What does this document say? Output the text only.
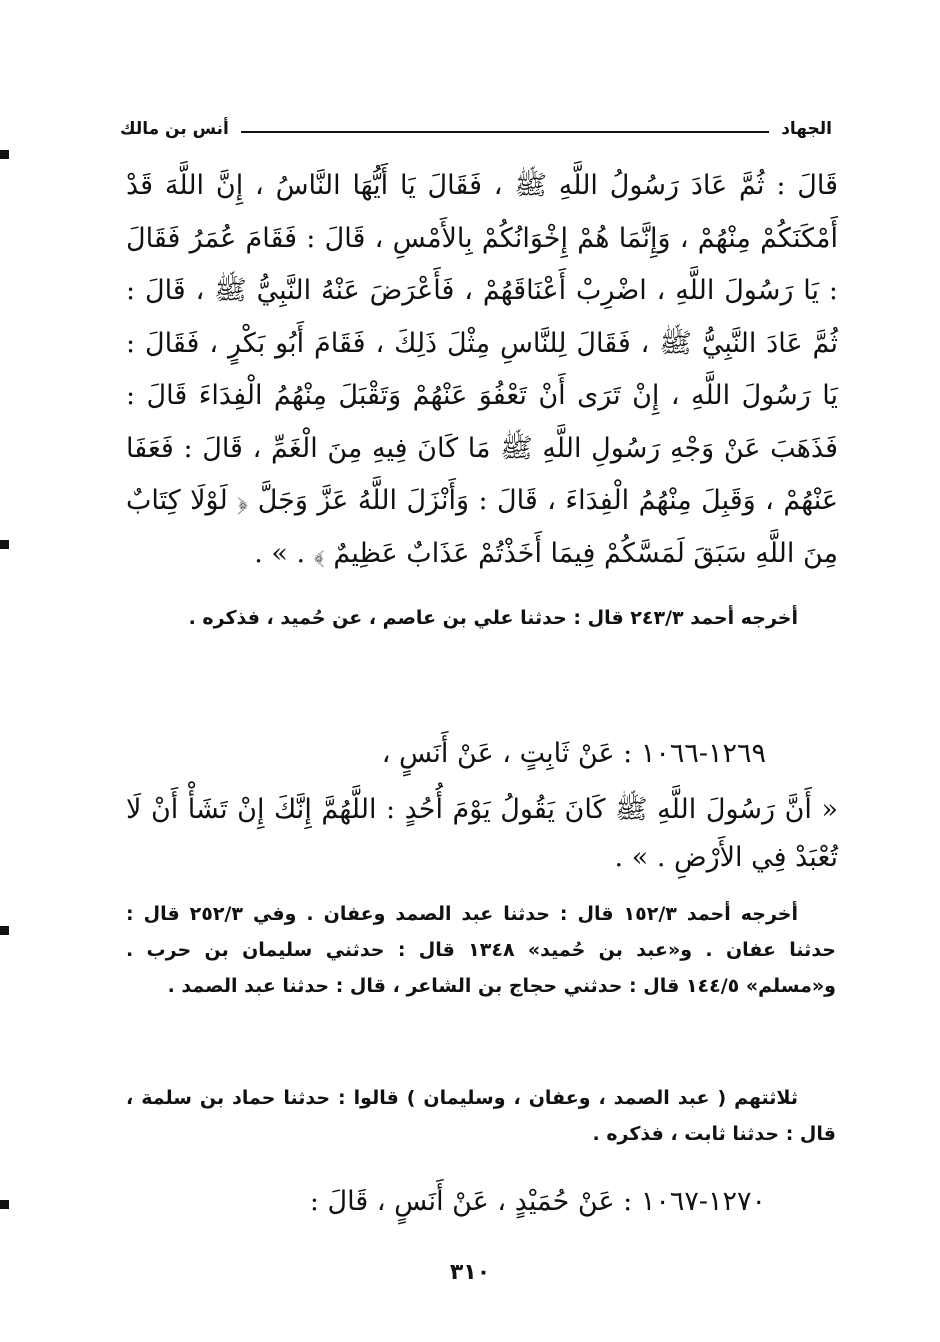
الجهاد
أنس بن مالك
قَالَ : ثُمَّ عَادَ رَسُولُ اللَّهِ ﷺ ، فَقَالَ يَا أَيُّهَا النَّاسُ ، إِنَّ اللَّهَ قَدْ أَمْكَنَكُمْ مِنْهُمْ ، وَإِنَّمَا هُمْ إِخْوَانُكُمْ بِالأَمْسِ ، قَالَ : فَقَامَ عُمَرُ فَقَالَ : يَا رَسُولَ اللَّهِ ، اضْرِبْ أَعْنَاقَهُمْ ، فَأَعْرَضَ عَنْهُ النَّبِيُّ ﷺ ، قَالَ : ثُمَّ عَادَ النَّبِيُّ ﷺ ، فَقَالَ لِلنَّاسِ مِثْلَ ذَلِكَ ، فَقَامَ أَبُو بَكْرٍ ، فَقَالَ : يَا رَسُولَ اللَّهِ ، إِنْ تَرَى أَنْ تَعْفُوَ عَنْهُمْ وَتَقْبَلَ مِنْهُمُ الْفِدَاءَ قَالَ : فَذَهَبَ عَنْ وَجْهِ رَسُولِ اللَّهِ ﷺ مَا كَانَ فِيهِ مِنَ الْغَمِّ ، قَالَ : فَعَفَا عَنْهُمْ ، وَقَبِلَ مِنْهُمُ الْفِدَاءَ ، قَالَ : وَأَنْزَلَ اللَّهُ عَزَّ وَجَلَّ ﴿ لَوْلَا كِتَابٌ مِنَ اللَّهِ سَبَقَ لَمَسَّكُمْ فِيمَا أَخَذْتُمْ عَذَابٌ عَظِيمٌ ﴾ . » .
أخرجه أحمد ٢٤٣/٣ قال : حدثنا علي بن عاصم ، عن حُميد ، فذكره .
١٢٦٩-١٠٦٦ : عَنْ ثَابِتٍ ، عَنْ أَنَسٍ ،
« أَنَّ رَسُولَ اللَّهِ ﷺ كَانَ يَقُولُ يَوْمَ أُحُدٍ : اللَّهُمَّ إِنَّكَ إِنْ تَشَأْ أَنْ لَا تُعْبَدْ فِي الأَرْضِ . » .
أخرجه أحمد ١٥٢/٣ قال : حدثنا عبد الصمد وعفان . وفي ٢٥٢/٣ قال : حدثنا عفان . و«عبد بن حُميد» ١٣٤٨ قال : حدثني سليمان بن حرب . و«مسلم» ١٤٤/٥ قال : حدثني حجاج بن الشاعر ، قال : حدثنا عبد الصمد .
ثلاثتهم ( عبد الصمد ، وعفان ، وسليمان ) قالوا : حدثنا حماد بن سلمة ، قال : حدثنا ثابت ، فذكره .
١٢٧٠-١٠٦٧ : عَنْ حُمَيْدٍ ، عَنْ أَنَسٍ ، قَالَ :
٣١٠
